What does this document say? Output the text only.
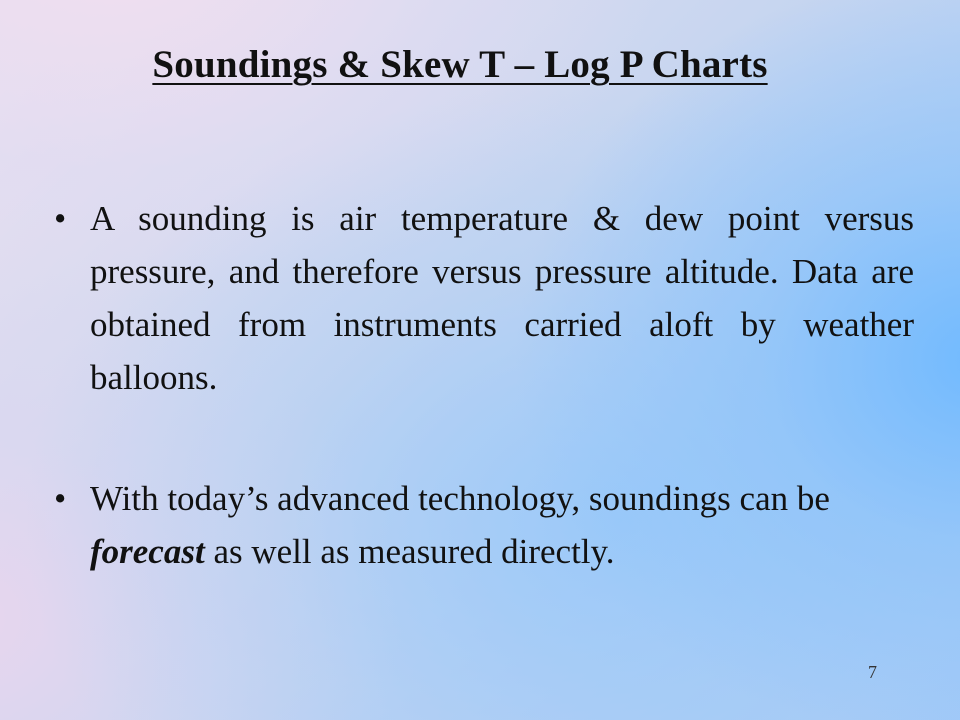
Soundings & Skew T – Log P Charts
• A sounding is air temperature & dew point versus pressure, and therefore versus pressure altitude. Data are obtained from instruments carried aloft by weather balloons.
• With today’s advanced technology, soundings can be forecast as well as measured directly.
7
